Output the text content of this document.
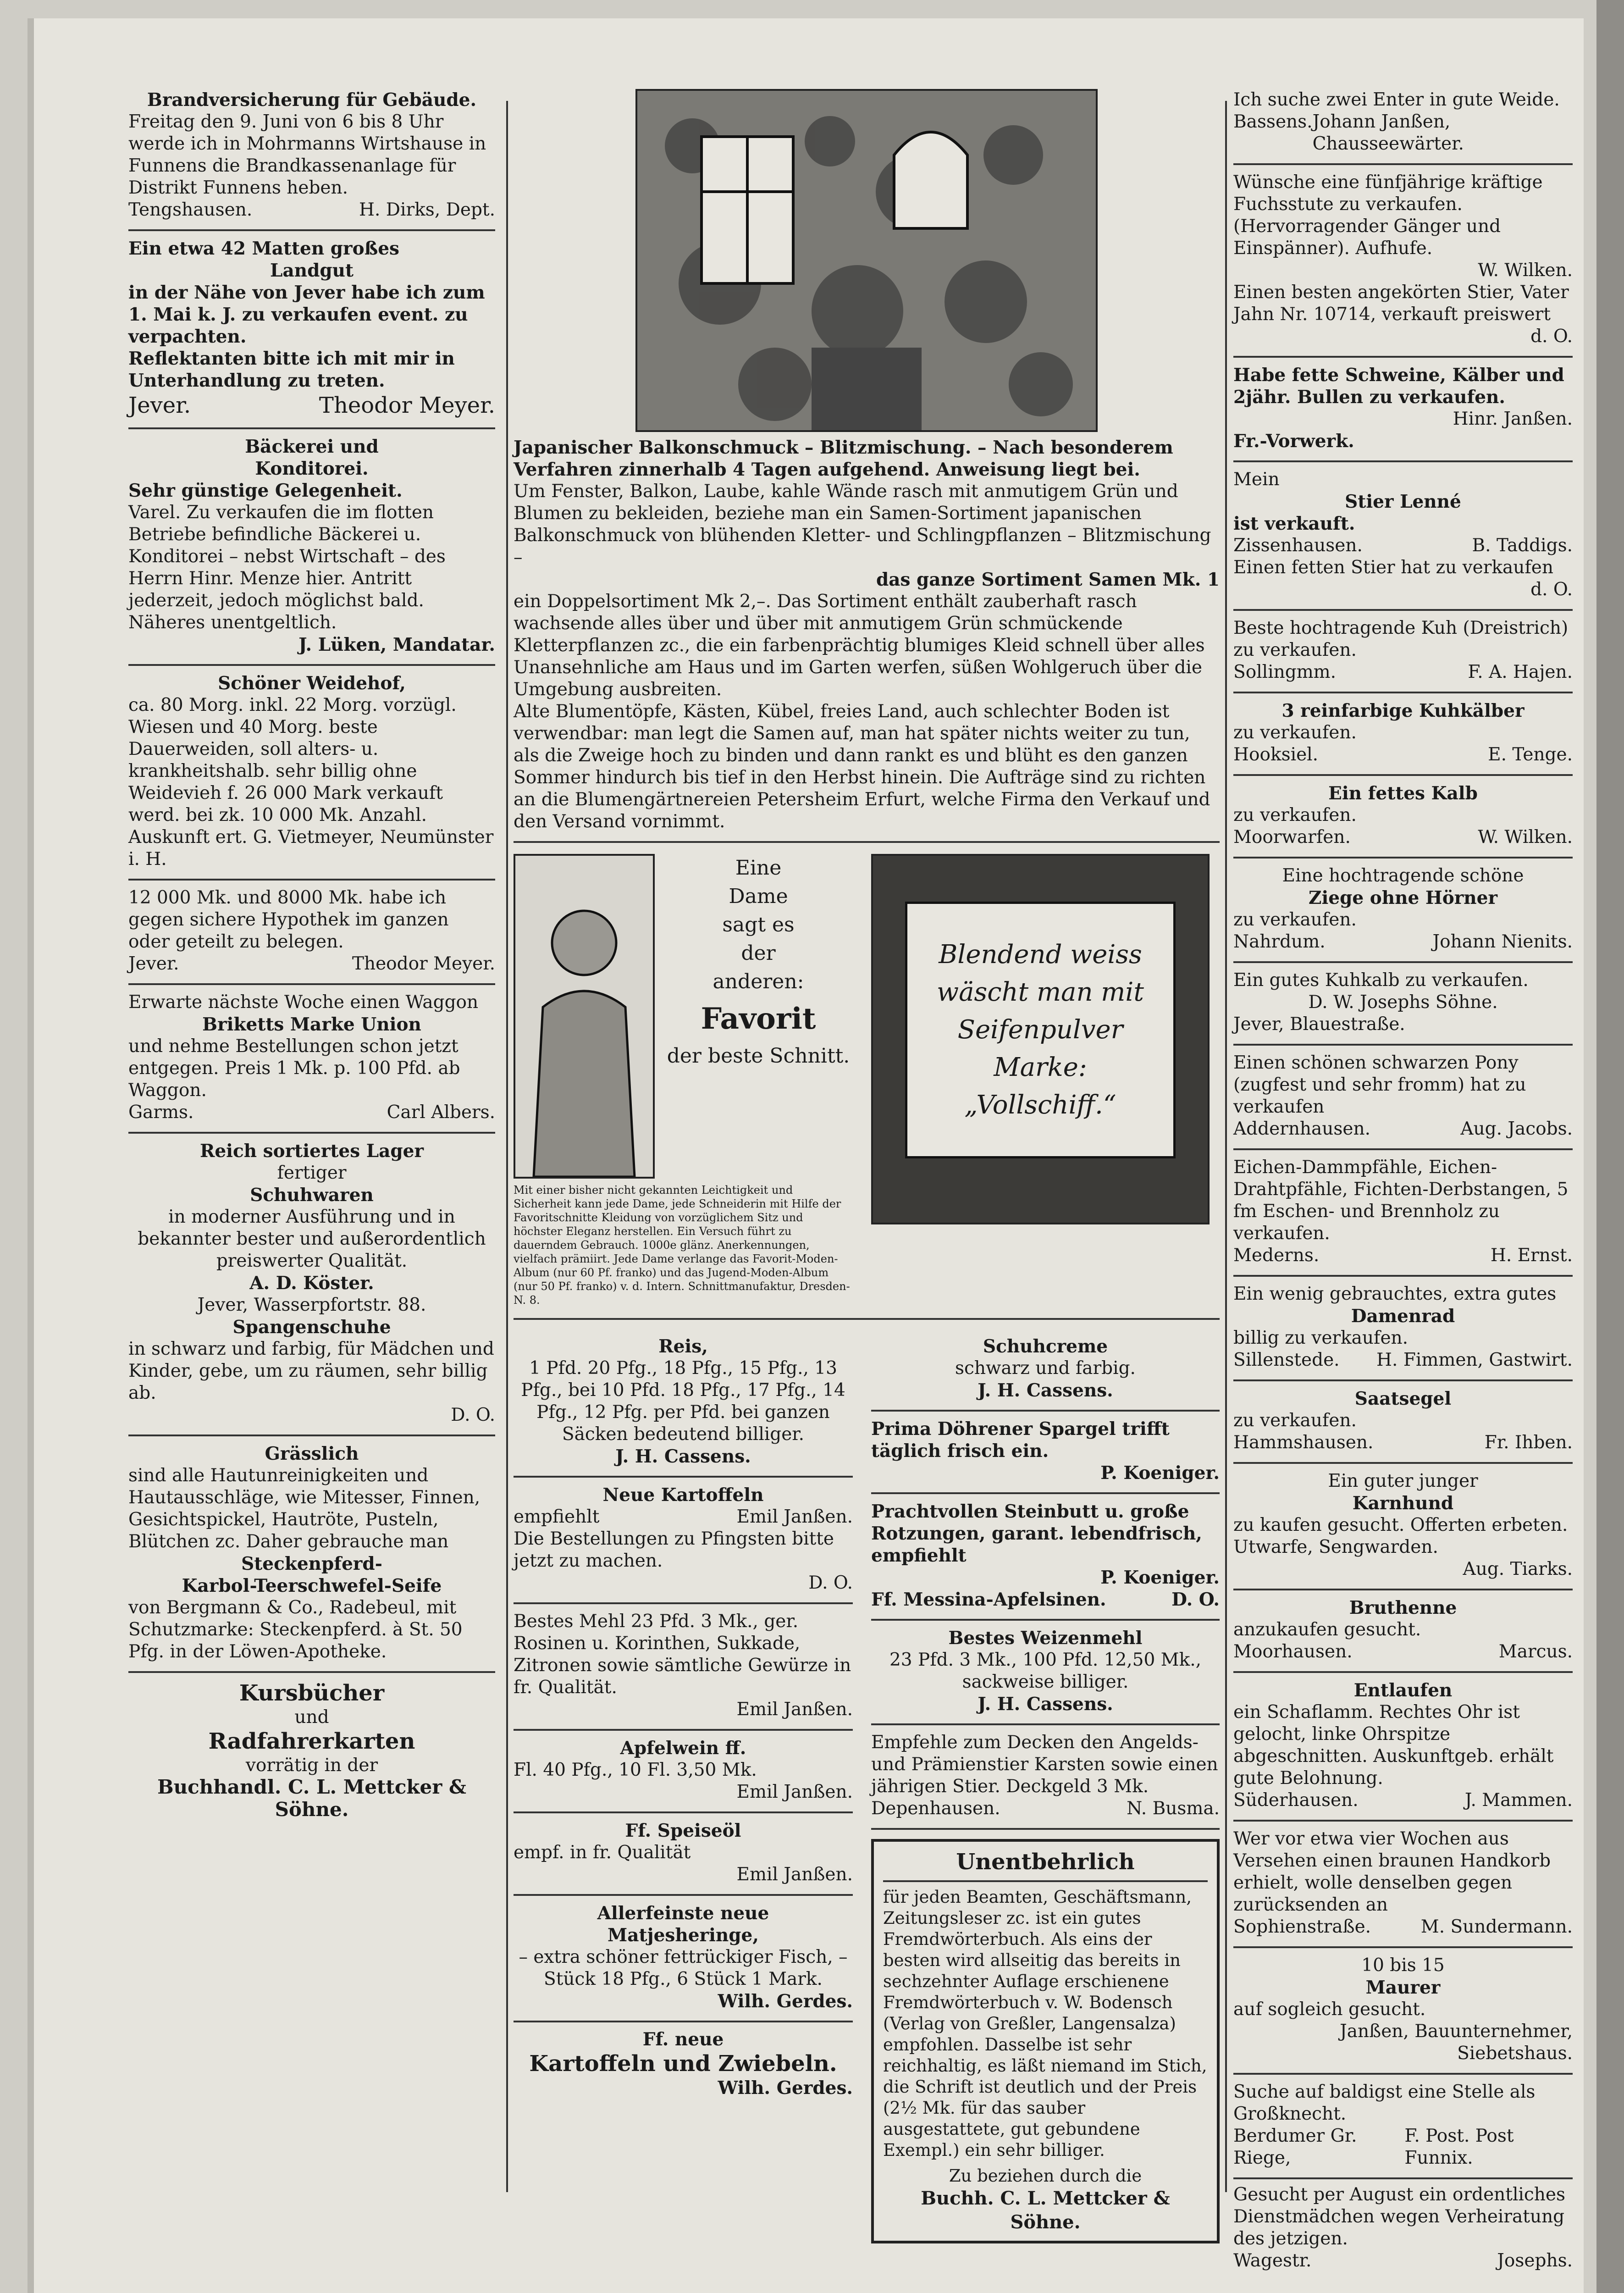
Brandversicherung für Gebäude.

Freitag den 9. Juni von 6 bis 8 Uhr werde ich in Mohrmanns Wirtshause in Funnens die Brandkassenanlage für Distrikt Funnens heben.

Tengshausen.	H. Dirks, Dept.

Ein etwa 42 Matten großes

Landgut

in der Nähe von Jever habe ich zum 1. Mai k. J. zu verkaufen event. zu verpachten.

Reflektanten bitte ich mit mir in Unterhandlung zu treten.

Jever.	Theodor Meyer.

Bäckerei und

Konditorei.

Sehr günstige Gelegenheit.

Varel. Zu verkaufen die im flotten Betriebe befindliche Bäckerei u. Konditorei – nebst Wirtschaft – des Herrn Hinr. Menze hier. Antritt jederzeit, jedoch möglichst bald. Näheres unentgeltlich.

J. Lüken, Mandatar.

Schöner Weidehof,

ca. 80 Morg. inkl. 22 Morg. vorzügl. Wiesen und 40 Morg. beste Dauerweiden, soll alters- u. krankheitshalb. sehr billig ohne Weidevieh f. 26 000 Mark verkauft werd. bei zk. 10 000 Mk. Anzahl. Auskunft ert. G. Vietmeyer, Neumünster i. H.

12 000 Mk. und 8000 Mk. habe ich gegen sichere Hypothek im ganzen oder geteilt zu belegen.

Jever.	Theodor Meyer.

Erwarte nächste Woche einen Waggon

Briketts Marke Union

und nehme Bestellungen schon jetzt entgegen. Preis 1 Mk. p. 100 Pfd. ab Waggon.

Garms.	Carl Albers.

Reich sortiertes Lager

fertiger

Schuhwaren

in moderner Ausführung und in bekannter bester und außerordentlich preiswerter Qualität.

A. D. Köster.

Jever, Wasserpfortstr. 88.

Spangenschuhe

in schwarz und farbig, für Mädchen und Kinder, gebe, um zu räumen, sehr billig ab.

D. O.

Grässlich

sind alle Hautunreinigkeiten und Hautausschläge, wie Mitesser, Finnen, Gesichtspickel, Hautröte, Pusteln, Blütchen zc. Daher gebrauche man

Steckenpferd-

Karbol-Teerschwefel-Seife

von Bergmann & Co., Radebeul, mit Schutzmarke: Steckenpferd. à St. 50 Pfg. in der Löwen-Apotheke.

Kursbücher

und

Radfahrerkarten

vorrätig in der

Buchhandl. C. L. Mettcker & Söhne.

Japanischer Balkonschmuck – Blitzmischung. – Nach besonderem Verfahren zinnerhalb 4 Tagen aufgehend. Anweisung liegt bei.

Um Fenster, Balkon, Laube, kahle Wände rasch mit anmutigem Grün und Blumen zu bekleiden, beziehe man ein Samen-Sortiment japanischen Balkonschmuck von blühenden Kletter- und Schlingpflanzen – Blitzmischung –

das ganze Sortiment Samen Mk. 1

ein Doppelsortiment Mk 2,–. Das Sortiment enthält zauberhaft rasch wachsende alles über und über mit anmutigem Grün schmückende Kletterpflanzen zc., die ein farbenprächtig blumiges Kleid schnell über alles Unansehnliche am Haus und im Garten werfen, süßen Wohlgeruch über die Umgebung ausbreiten.

Alte Blumentöpfe, Kästen, Kübel, freies Land, auch schlechter Boden ist verwendbar: man legt die Samen auf, man hat später nichts weiter zu tun, als die Zweige hoch zu binden und dann rankt es und blüht es den ganzen Sommer hindurch bis tief in den Herbst hinein. Die Aufträge sind zu richten an die Blumengärtnereien Petersheim Erfurt, welche Firma den Verkauf und den Versand vornimmt.

Eine

Dame

sagt es

der

anderen:

Favorit

der beste Schnitt.

Mit einer bisher nicht gekannten Leichtigkeit und Sicherheit kann jede Dame, jede Schneiderin mit Hilfe der Favoritschnitte Kleidung von vorzüglichem Sitz und höchster Eleganz herstellen. Ein Versuch führt zu dauerndem Gebrauch. 1000e glänz. Anerkennungen, vielfach prämiirt. Jede Dame verlange das Favorit-Moden-Album (nur 60 Pf. franko) und das Jugend-Moden-Album (nur 50 Pf. franko) v. d. Intern. Schnittmanufaktur, Dresden-N. 8.

Blendend weiss

wäscht man mit

Seifenpulver

Marke:

„Vollschiff.“

Reis,

1 Pfd. 20 Pfg., 18 Pfg., 15 Pfg., 13 Pfg., bei 10 Pfd. 18 Pfg., 17 Pfg., 14 Pfg., 12 Pfg. per Pfd. bei ganzen Säcken bedeutend billiger.

J. H. Cassens.

Neue Kartoffeln

empfiehlt	Emil Janßen.

Die Bestellungen zu Pfingsten bitte jetzt zu machen.

D. O.

Bestes Mehl 23 Pfd. 3 Mk., ger. Rosinen u. Korinthen, Sukkade, Zitronen sowie sämtliche Gewürze in fr. Qualität.

Emil Janßen.

Apfelwein ff.

Fl. 40 Pfg., 10 Fl. 3,50 Mk.

Emil Janßen.

Ff. Speiseöl

empf. in fr. Qualität

Emil Janßen.

Allerfeinste neue

Matjesheringe,

– extra schöner fettrückiger Fisch, – Stück 18 Pfg., 6 Stück 1 Mark.

Wilh. Gerdes.

Ff. neue

Kartoffeln und Zwiebeln.

Wilh. Gerdes.

Schuhcreme

schwarz und farbig.

J. H. Cassens.

Prima Döhrener Spargel trifft täglich frisch ein.

P. Koeniger.

Prachtvollen Steinbutt u. große Rotzungen, garant. lebendfrisch, empfiehlt

P. Koeniger.

Ff. Messina-Apfelsinen.	D. O.

Bestes Weizenmehl

23 Pfd. 3 Mk., 100 Pfd. 12,50 Mk., sackweise billiger.

J. H. Cassens.

Empfehle zum Decken den Angelds- und Prämienstier Karsten sowie einen jährigen Stier. Deckgeld 3 Mk.

Depenhausen.	N. Busma.

Unentbehrlich

für jeden Beamten, Geschäftsmann, Zeitungsleser zc. ist ein gutes Fremdwörterbuch. Als eins der besten wird allseitig das bereits in sechzehnter Auflage erschienene Fremdwörterbuch v. W. Bodensch (Verlag von Greßler, Langensalza) empfohlen. Dasselbe ist sehr reichhaltig, es läßt niemand im Stich, die Schrift ist deutlich und der Preis (2½ Mk. für das sauber ausgestattete, gut gebundene Exempl.) ein sehr billiger.

Zu beziehen durch die

Buchh. C. L. Mettcker & Söhne.

Ich suche zwei Enter in gute Weide.

Bassens. Johann Janßen, Chausseewärter.

Wünsche eine fünfjährige kräftige Fuchsstute zu verkaufen. (Hervorragender Gänger und Einspänner). Aufhufe.

W. Wilken.

Einen besten angekörten Stier, Vater Jahn Nr. 10714, verkauft preiswert

d. O.

Habe fette Schweine, Kälber und 2jähr. Bullen zu verkaufen.

Hinr. Janßen.

Fr.-Vorwerk.

Mein

Stier Lenné

ist verkauft.

Zissenhausen.	B. Taddigs.

Einen fetten Stier hat zu verkaufen

d. O.

Beste hochtragende Kuh (Dreistrich) zu verkaufen.

Sollingmm.	F. A. Hajen.

3 reinfarbige Kuhkälber

zu verkaufen.

Hooksiel.	E. Tenge.

Ein fettes Kalb

zu verkaufen.

Moorwarfen.	W. Wilken.

Eine hochtragende schöne

Ziege ohne Hörner

zu verkaufen.

Nahrdum.	Johann Nienits.

Ein gutes Kuhkalb zu verkaufen.

D. W. Josephs Söhne.

Jever, Blauestraße.

Einen schönen schwarzen Pony (zugfest und sehr fromm) hat zu verkaufen

Addernhausen.	Aug. Jacobs.

Eichen-Dammpfähle, Eichen-Drahtpfähle, Fichten-Derbstangen, 5 fm Eschen- und Brennholz zu verkaufen.

Mederns.	H. Ernst.

Ein wenig gebrauchtes, extra gutes

Damenrad

billig zu verkaufen.

Sillenstede. H. Fimmen, Gastwirt.

Saatsegel

zu verkaufen.

Hammshausen.	Fr. Ihben.

Ein guter junger

Karnhund

zu kaufen gesucht. Offerten erbeten.

Utwarfe, Sengwarden.

Aug. Tiarks.

Bruthenne

anzukaufen gesucht.

Moorhausen.	Marcus.

Entlaufen

ein Schaflamm. Rechtes Ohr ist gelocht, linke Ohrspitze abgeschnitten. Auskunftgeb. erhält gute Belohnung.

Süderhausen.	J. Mammen.

Wer vor etwa vier Wochen aus Versehen einen braunen Handkorb erhielt, wolle denselben gegen zurücksenden an

Sophienstraße.	M. Sundermann.

10 bis 15

Maurer

auf sogleich gesucht.

Janßen, Bauunternehmer, Siebetshaus.

Suche auf baldigst eine Stelle als Großknecht.

Berdumer Gr. Riege,
F. Post. Post Funnix.

Gesucht per August ein ordentliches Dienstmädchen wegen Verheiratung des jetzigen.

Wagestr.	Josephs.
